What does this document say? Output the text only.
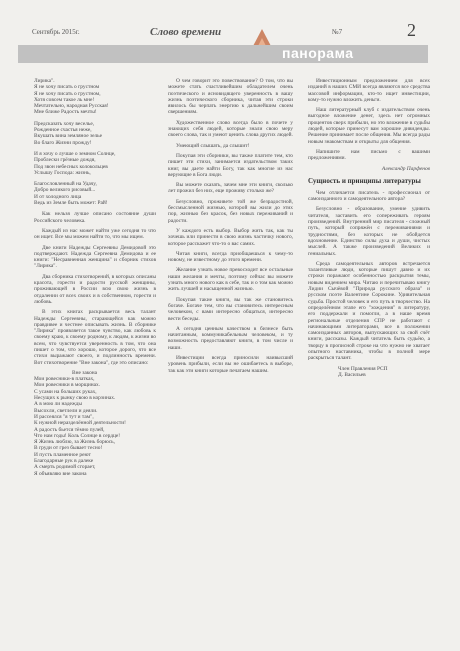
Сентябрь 2015г.	Слово времени	№7	2
панорама
Лирика".
Я не хочу писать о грустном
Я не хочу писать о грустном,
Хотя совсем такое ль мне!
Мечтательно, народная Русская!
Мне ближе Радость мечты!
Предсказать хочу веселье,
Рожденное счастья неже,
Вкушать вина земляное зелье
Во благо Жизни прожду!
И я хочу о лучше о земном Солнце,
Проблески грёзные дождя,
Под звон небесных колокольцев
Услышу Господа: жизнь,
Благословленный на Удачу,
Добро великого рисовый...
И от холодного лица
Ведь из Земле быть может: Рай!

Как нельзя лучше описано состояние души Российского человека.

Каждый из нас может найти уже сегодня то что он ищет. Все мы можем найти то, что мы ищем.

Две книги Надежды Сергеевны Демидовой это подтверждают. Надежда Сергеевна Демидова и ее книги: "Несравненная женщина" и сборник стихов "Лирика".

Два сборника стихотворений, в которых описаны красота, горести и радости русской женщины, проживающей в России всю свою жизнь в отдалении от всех своих и в собственном, горести и любовь.

В этих книгах раскрывается весь талант Надежды Сергеевны, старающейся как можно правдивее и честнее описывать жизнь. В сборнике "Лирика" проявляется такое чувство, как любовь к своему краю, к своему родному, к людям, к жизни во всем, что чувствуется уверенность в том, что она пишет о том, что хорошо, которое дорого, что все стихи выражают своего, и подлинность времени. Вот стихотворение "Вне закона", где это описано:

Вне закона
Мои ровесники-в платках,
Мои ровесники в морщинах.
С усами на больших руках,
Несущих к рынку свою в корзинах.
А в мою ли надежды
Высохли, светлели и деяли.
И рассеялся "я тут и там",
К нужной неразделённой деятельности!
А радость бьется тёмно пулей,
Что нам годы! Коль Солнце в сердце!
Я Жизнь люблю, за Жизнь борюсь,
В груди от грез бывает тесно!
И пусть пламенное реют
Благодарные рук в далеке
А смерть родимой сгорает,
Я объявляю вне закона

О чем говорит это повествование? О том, что вы можете стать счастливейшим обладателем очень поэтического и ясновидящего уверенность в вашу жизнь поэтического сборника, читая эти строки явилось бы черпать энергию к дальнейшим своим свершениям.

Художественное слово всегда было в почете у знающих себя людей, которые знали свою меру своего слова, так и умеют ценить слова других людей.

Умеющий слышать, да слышит!

Покупая эти сборники, вы также платите тем, кто пишет эти стихи, занимается издательством таких книг, вы даете найти Богу, так как многие из нас верующие в Бога люди.

Вы можете сказать, зачем мне эти книги, сколько лет прожил без них, еще проживу столько же?

Безусловно, проживете той же безрадостной, бессмысленной жизнью, которой вы жили до этих пор, жизнью без красок, без новых переживаний и радости.

У каждого есть выбор. Выбор жить так, как ты хочешь или принести в свою жизнь частичку нового, которое расскажет что-то о вас самих.

Читая книги, всегда приобщаешься к чему-то новому, не известному до этого времени.

Желание узнать новое превосходит все остальные наши желания и мечты, поэтому сейчас вы можете узнать много нового как в себе, так и о том как можно жить лучшей и насыщенной жизнью.

Покупая такие книги, вы так же становитесь богаче. Богаче тем, что вы становитесь интересным человеком, с вами интересно общаться, интересно вести беседы.

А сегодня ценным качеством в бизнесе быть начитанным, коммуникабельным человеком, и ту возможность предоставляют книги, в том числе и наши.

Инвестиции всегда приносили наивысший уровень прибыли, если вы не ошибаетесь в выборе, так как эти книги которые печатаем нашим.

Инвестиционным предложением для всех изданий в наших СМИ всегда являются все средства массовой информации, кто-то ищет инвестиции, кому-то нужно вложить деньги.

Наш литературный клуб с издательством очень выгодное вложение денег, здесь нет огромных процентов сверх прибыли, но это вложение в судьбы людей, которые принесут вам хорошие дивиденды. Решение принимает после общения. Мы всегда рады новым знакомствам и открыты для общения.

Напишите нам письмо с вашими предложениями.

Александр Парфенов
Сущность и принципы литературы

Чем отличается писатель - профессионал от самоизданного и самодеятельного автора?

Безусловно - образование, умение удивить читателя, заставить его сопереживать героям произведений. Внутренний мир писателя - сложный путь, который сопряжён с переживаниями и трудностями, без которых не обойдется вдохновение. Единство силы духа и души, чистых мыслей. А также произведений Великих и гениальных.

Среда самодеятельных авторов встречается талантливые люди, которые пишут давно и их строки поражают особенностью раскрытия темы, новым видением мира. Читаю и перечитываю книгу Лидии Сычёвой "Природа русского образа" и русском поэте Валентине Сорокине. Удивительная судьба. Простой человек и его путь в творчество. На определённом этапе его "хождения" в литературу, его поддержали и помогли, а в наше время региональные отделения СПР не работают с начинающими литераторами, все в положении самоизданных авторов, выпускающих за свой счёт книги, рассказы. Каждый читатель быть судьёю, а творцу в прописной строке на что нужно не хватает опытного наставника, чтобы в полной мере раскрыться талант.

Член Правления РСП
Д. Васильев
